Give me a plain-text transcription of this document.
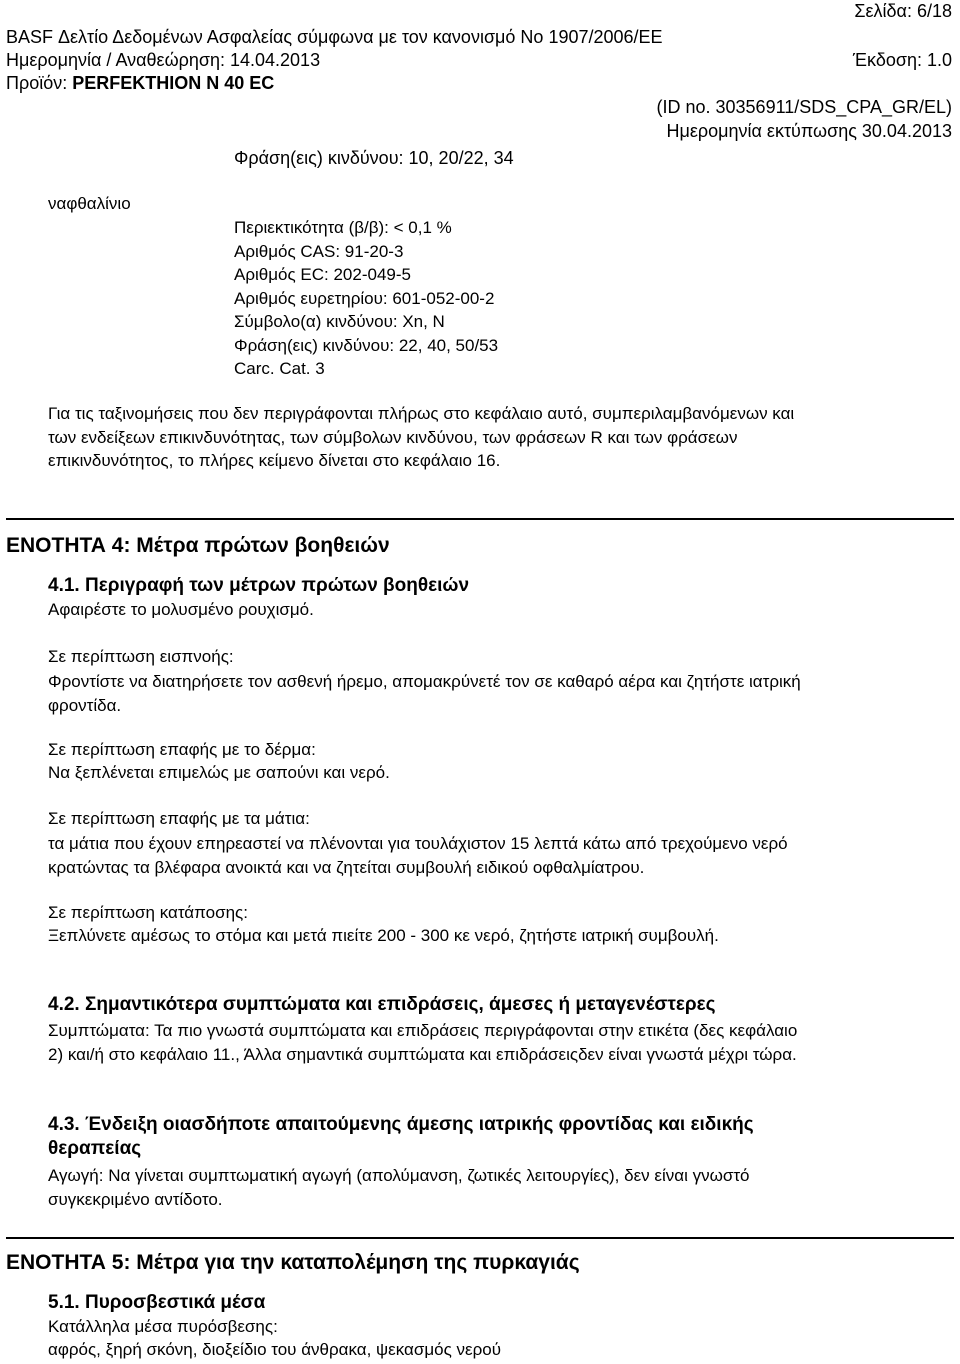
Σελίδα: 6/18
BASF Δελτίο Δεδομένων Ασφαλείας σύμφωνα με τον κανονισμό Νο 1907/2006/ΕΕ
Ημερομηνία / Αναθεώρηση: 14.04.2013	Έκδοση: 1.0
Προϊόν: PERFEKTHION N 40 EC
(ID no. 30356911/SDS_CPA_GR/EL)
Ημερομηνία εκτύπωσης 30.04.2013
Φράση(εις) κινδύνου: 10, 20/22, 34
ναφθαλίνιο
Περιεκτικότητα (β/β): < 0,1 %
Αριθμός CAS: 91-20-3
Αριθμός EC: 202-049-5
Αριθμός ευρετηρίου: 601-052-00-2
Σύμβολο(α) κινδύνου: Xn, N
Φράση(εις) κινδύνου: 22, 40, 50/53
Carc. Cat. 3
Για τις ταξινομήσεις που δεν περιγράφονται πλήρως στο κεφάλαιο αυτό, συμπεριλαμβανόμενων και
των ενδείξεων επικινδυνότητας, των σύμβολων κινδύνου, των φράσεων R και των φράσεων
επικινδυνότητος, το πλήρες κείμενο δίνεται στο κεφάλαιο 16.
ΕΝΟΤΗΤΑ 4: Μέτρα πρώτων βοηθειών
4.1. Περιγραφή των μέτρων πρώτων βοηθειών
Αφαιρέστε το μολυσμένο ρουχισμό.
Σε περίπτωση εισπνοής:
Φροντίστε να διατηρήσετε τον ασθενή ήρεμο, απομακρύνετέ τον σε καθαρό αέρα και ζητήστε ιατρική
φροντίδα.
Σε περίπτωση επαφής με το δέρμα:
Να ξεπλένεται επιμελώς με σαπούνι και νερό.
Σε περίπτωση επαφής με τα μάτια:
τα μάτια που έχουν επηρεαστεί να πλένονται για τουλάχιστον 15 λεπτά κάτω από τρεχούμενο νερό
κρατώντας τα βλέφαρα ανοικτά και να ζητείται συμβουλή ειδικού οφθαλμίατρου.
Σε περίπτωση κατάποσης:
Ξεπλύνετε αμέσως το στόμα και μετά πιείτε 200 - 300 κε νερό, ζητήστε ιατρική συμβουλή.
4.2. Σημαντικότερα συμπτώματα και επιδράσεις, άμεσες ή μεταγενέστερες
Συμπτώματα: Τα πιο γνωστά συμπτώματα και επιδράσεις περιγράφονται στην ετικέτα (δες κεφάλαιο
2) και/ή στο κεφάλαιο 11., Άλλα σημαντικά συμπτώματα και επιδράσειςδεν είναι γνωστά μέχρι τώρα.
4.3. Ένδειξη οιασδήποτε απαιτούμενης άμεσης ιατρικής φροντίδας και ειδικής
θεραπείας
Αγωγή: Να γίνεται συμπτωματική αγωγή (απολύμανση, ζωτικές λειτουργίες), δεν είναι γνωστό
συγκεκριμένο αντίδοτο.
ΕΝΟΤΗΤΑ 5: Μέτρα για την καταπολέμηση της πυρκαγιάς
5.1. Πυροσβεστικά μέσα
Κατάλληλα μέσα πυρόσβεσης:
αφρός, ξηρή σκόνη, διοξείδιο του άνθρακα, ψεκασμός νερού
